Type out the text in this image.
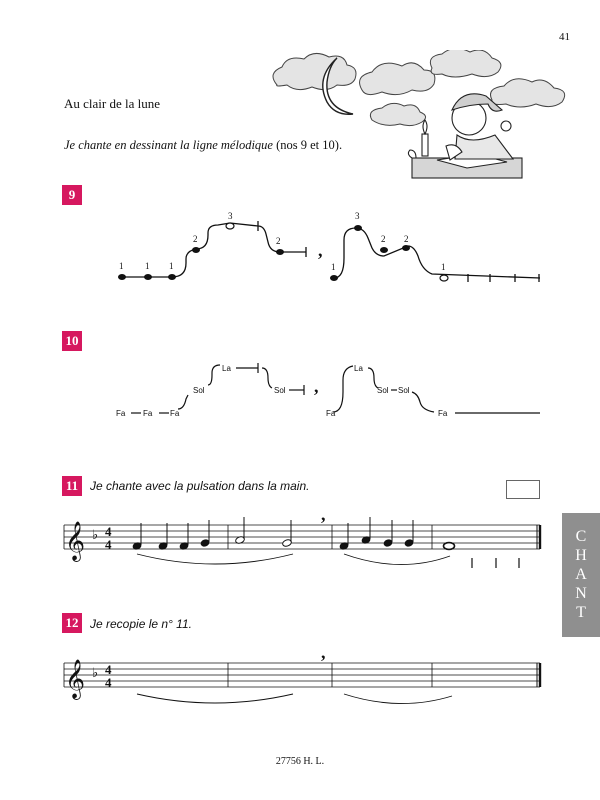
41
Au clair de la lune
Je chante en dessinant la ligne mélodique (nos 9 et 10).
9
10
11 Je chante avec la pulsation dans la main.
12 Je recopie le n° 11.
1 1 1
2
3
2
1
3
2 2
1
,
Fa Fa Fa
Sol
La
Sol
Fa
La
Sol Sol
Fa
,
𝄞 ♭ 4
4
,
𝄞 ♭ 4
4
,
C
H
A
N
T
27756 H. L.
